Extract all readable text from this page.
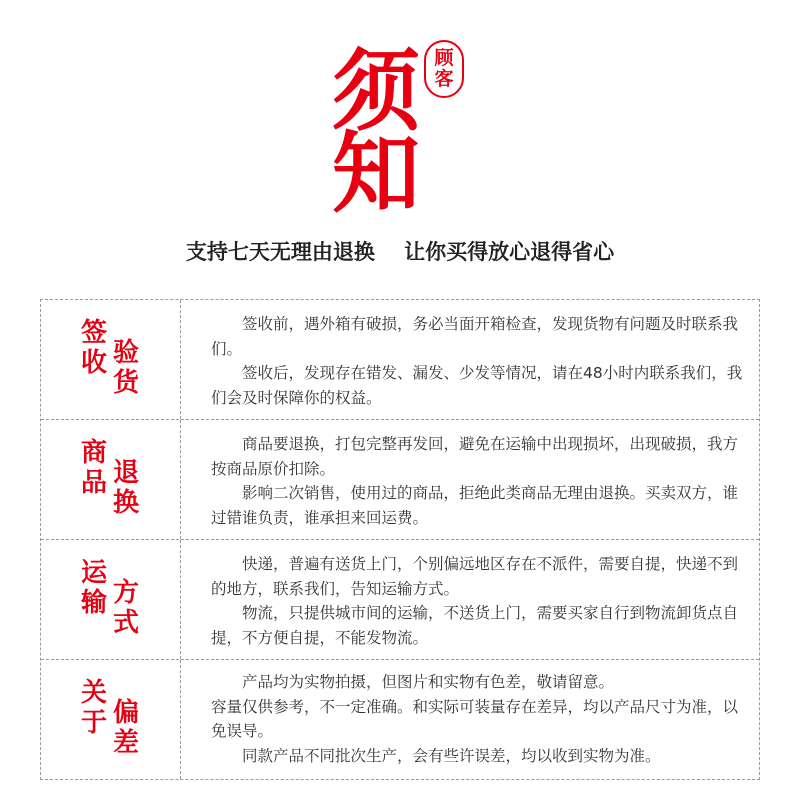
须 顾
客
知
支持七天无理由退换    让你买得放心退得省心
签收 验货

签收前，遇外箱有破损，务必当面开箱检查，发现货物有问题及时联系我们。

签收后，发现存在错发、漏发、少发等情况，请在48小时内联系我们，我们会及时保障你的权益。

商品 退换

商品要退换，打包完整再发回，避免在运输中出现损坏，出现破损，我方按商品原价扣除。

影响二次销售，使用过的商品，拒绝此类商品无理由退换。买卖双方，谁过错谁负责，谁承担来回运费。

运输 方式

快递，普遍有送货上门，个别偏远地区存在不派件，需要自提，快递不到的地方，联系我们，告知运输方式。

物流，只提供城市间的运输，不送货上门，需要买家自行到物流卸货点自提，不方便自提，不能发物流。

关于 偏差

产品均为实物拍摄，但图片和实物有色差，敬请留意。

容量仅供参考，不一定准确。和实际可装量存在差异，均以产品尺寸为准，以免误导。

同款产品不同批次生产，会有些许误差，均以收到实物为准。
